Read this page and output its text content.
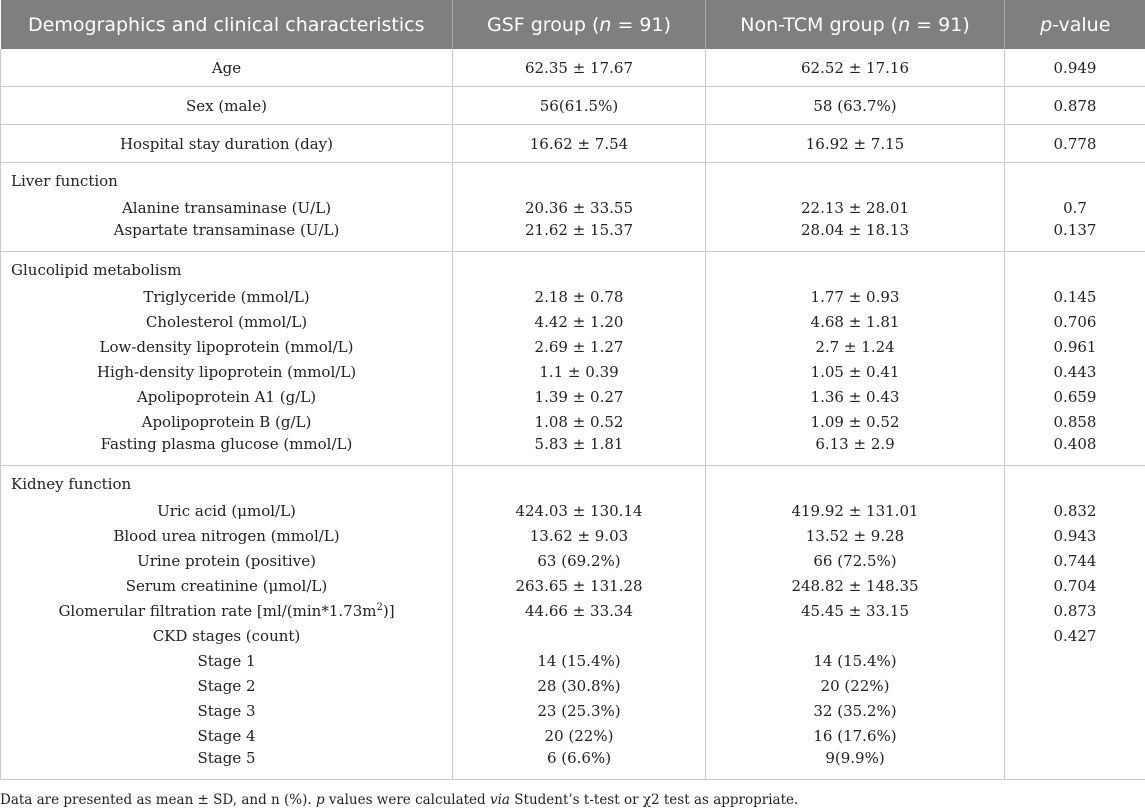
Demographics and clinical characteristics	GSF group (n = 91)	Non-TCM group (n = 91)	p-value
Age	62.35 ± 17.67	62.52 ± 17.16	0.949
Sex (male)	56(61.5%)	58 (63.7%)	0.878
Hospital stay duration (day)	16.62 ± 7.54	16.92 ± 7.15	0.778
Liver function			
Alanine transaminase (U/L)	20.36 ± 33.55	22.13 ± 28.01	0.7
Aspartate transaminase (U/L)	21.62 ± 15.37	28.04 ± 18.13	0.137
Glucolipid metabolism			
Triglyceride (mmol/L)	2.18 ± 0.78	1.77 ± 0.93	0.145
Cholesterol (mmol/L)	4.42 ± 1.20	4.68 ± 1.81	0.706
Low-density lipoprotein (mmol/L)	2.69 ± 1.27	2.7 ± 1.24	0.961
High-density lipoprotein (mmol/L)	1.1 ± 0.39	1.05 ± 0.41	0.443
Apolipoprotein A1 (g/L)	1.39 ± 0.27	1.36 ± 0.43	0.659
Apolipoprotein B (g/L)	1.08 ± 0.52	1.09 ± 0.52	0.858
Fasting plasma glucose (mmol/L)	5.83 ± 1.81	6.13 ± 2.9	0.408
Kidney function			
Uric acid (μmol/L)	424.03 ± 130.14	419.92 ± 131.01	0.832
Blood urea nitrogen (mmol/L)	13.62 ± 9.03	13.52 ± 9.28	0.943
Urine protein (positive)	63 (69.2%)	66 (72.5%)	0.744
Serum creatinine (μmol/L)	263.65 ± 131.28	248.82 ± 148.35	0.704
Glomerular filtration rate $[ml/(\min*1.73m^2)]$	44.66 ± 33.34	45.45 ± 33.15	0.873
CKD stages (count)			0.427
Stage 1	14 (15.4%)	14 (15.4%)	
Stage 2	28 (30.8%)	20 (22%)	
Stage 3	23 (25.3%)	32 (35.2%)	
Stage 4	20 (22%)	16 (17.6%)	
Stage 5	6 (6.6%)	9(9.9%)	
Data are presented as mean ± SD, and n (%). p values were calculated via Student’s t-test or χ2 test as appropriate.
